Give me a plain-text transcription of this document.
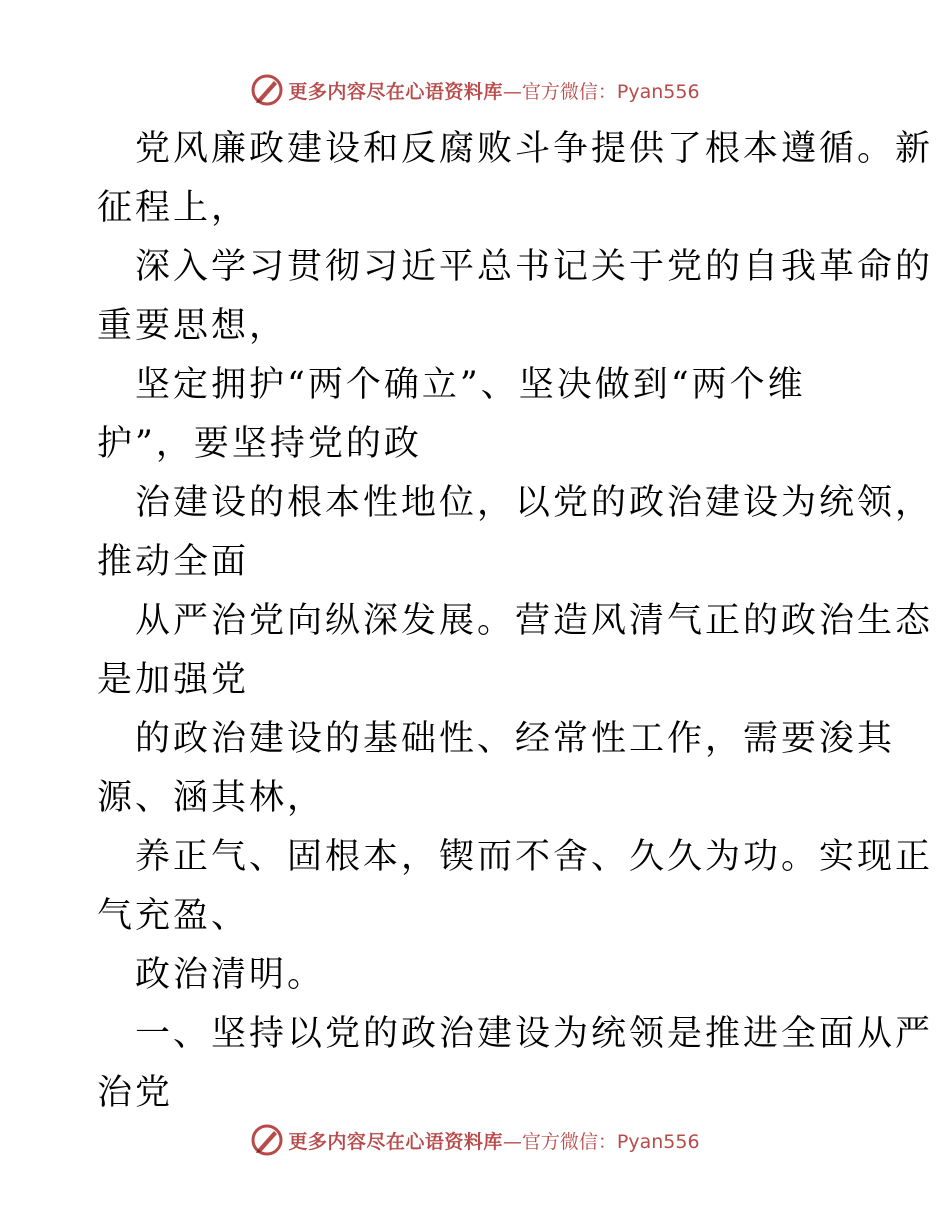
更多内容尽在心语资料库 —官方微信：Pyan556
党风廉政建设和反腐败斗争提供了根本遵循。新
征程上，
深入学习贯彻习近平总书记关于党的自我革命的
重要思想，
坚定拥护“两个确立”、坚决做到“两个维
护”，要坚持党的政
治建设的根本性地位，以党的政治建设为统领，
推动全面
从严治党向纵深发展。营造风清气正的政治生态
是加强党
的政治建设的基础性、经常性工作，需要浚其
源、涵其林，
养正气、固根本，锲而不舍、久久为功。实现正
气充盈、
政治清明。
一、坚持以党的政治建设为统领是推进全面从严
治党
更多内容尽在心语资料库 —官方微信：Pyan556
